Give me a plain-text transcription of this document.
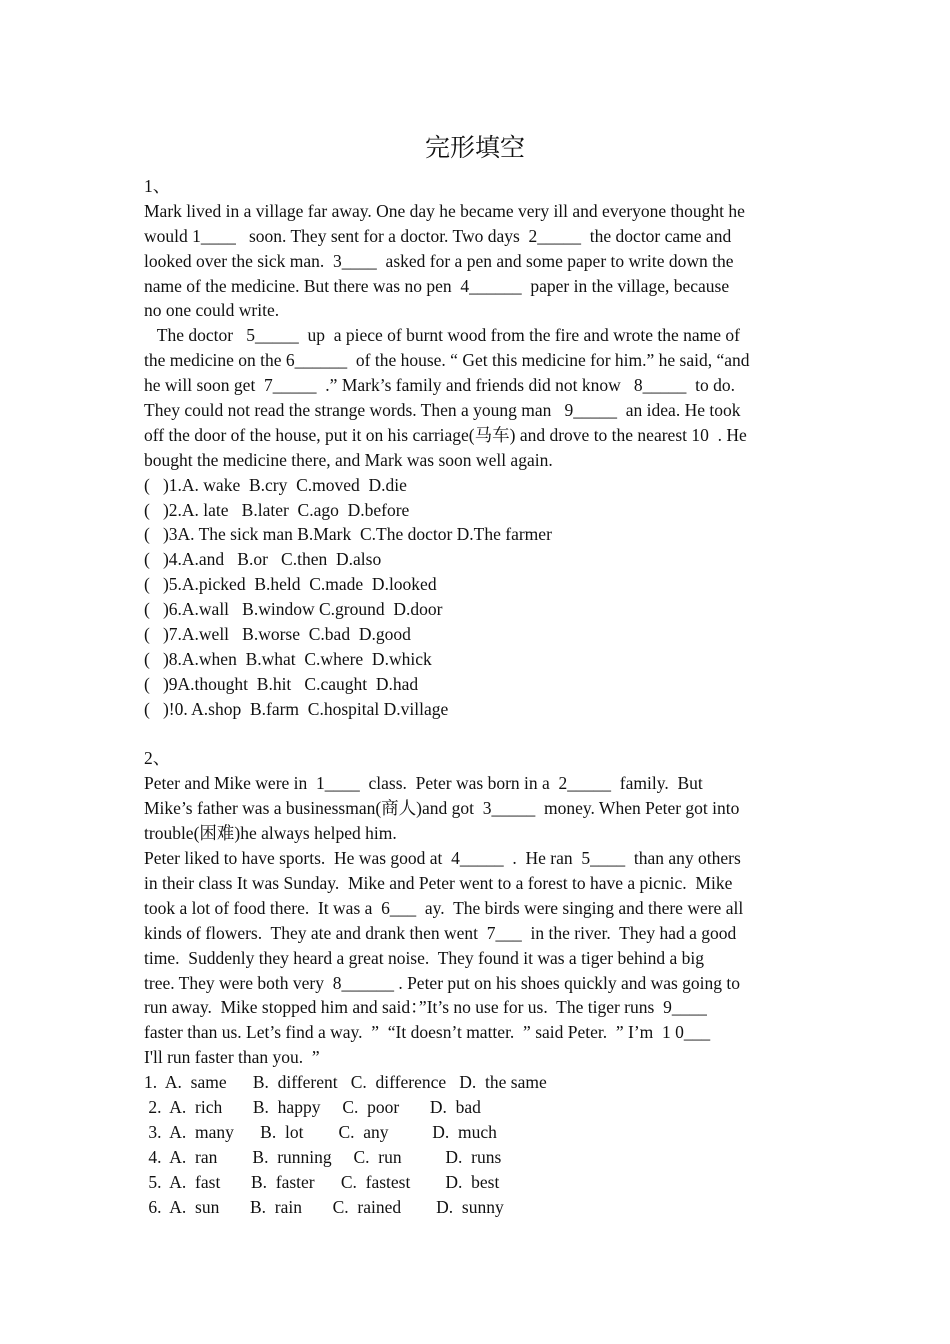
完形填空
1、
Mark lived in a village far away. One day he became very ill and everyone thought he
would 1____   soon. They sent for a doctor. Two days  2_____  the doctor came and
looked over the sick man.  3____  asked for a pen and some paper to write down the
name of the medicine. But there was no pen  4______  paper in the village, because
no one could write.
The doctor   5_____  up  a piece of burnt wood from the fire and wrote the name of
the medicine on the 6______  of the house. “ Get this medicine for him.” he said, “and
he will soon get  7_____  .” Mark’s family and friends did not know   8_____  to do.
They could not read the strange words. Then a young man   9_____  an idea. He took
off the door of the house, put it on his carriage(马车) and drove to the nearest 10  . He
bought the medicine there, and Mark was soon well again.
(   )1.A. wake  B.cry  C.moved  D.die
(   )2.A. late   B.later  C.ago  D.before
(   )3A. The sick man B.Mark  C.The doctor D.The farmer
(   )4.A.and   B.or   C.then  D.also
(   )5.A.picked  B.held  C.made  D.looked
(   )6.A.wall   B.window C.ground  D.door
(   )7.A.well   B.worse  C.bad  D.good
(   )8.A.when  B.what  C.where  D.whick
(   )9A.thought  B.hit   C.caught  D.had
(   )!0. A.shop  B.farm  C.hospital D.village
2、
Peter and Mike were in  1____  class.  Peter was born in a  2_____  family.  But
Mike’s father was a businessman(商人)and got  3_____  money. When Peter got into
trouble(困难)he always helped him.
Peter liked to have sports.  He was good at  4_____  .  He ran  5____  than any others
in their class It was Sunday.  Mike and Peter went to a forest to have a picnic.  Mike
took a lot of food there.  It was a  6___  ay.  The birds were singing and there were all
kinds of flowers.  They ate and drank then went  7___  in the river.  They had a good
time.  Suddenly they heard a great noise.  They found it was a tiger behind a big
tree. They were both very  8______ . Peter put on his shoes quickly and was going to
run away.  Mike stopped him and said：”It’s no use for us.  The tiger runs  9____
faster than us. Let’s find a way.  ”  “It doesn’t matter.  ” said Peter.  ” I’m  1 0___
I'll run faster than you.  ”
1.  A.  same      B.  different   C.  difference   D.  the same
2.  A.  rich       B.  happy     C.  poor       D.  bad
3.  A.  many      B.  lot        C.  any          D.  much
4.  A.  ran        B.  running     C.  run          D.  runs
5.  A.  fast       B.  faster      C.  fastest        D.  best
6.  A.  sun       B.  rain       C.  rained        D.  sunny
